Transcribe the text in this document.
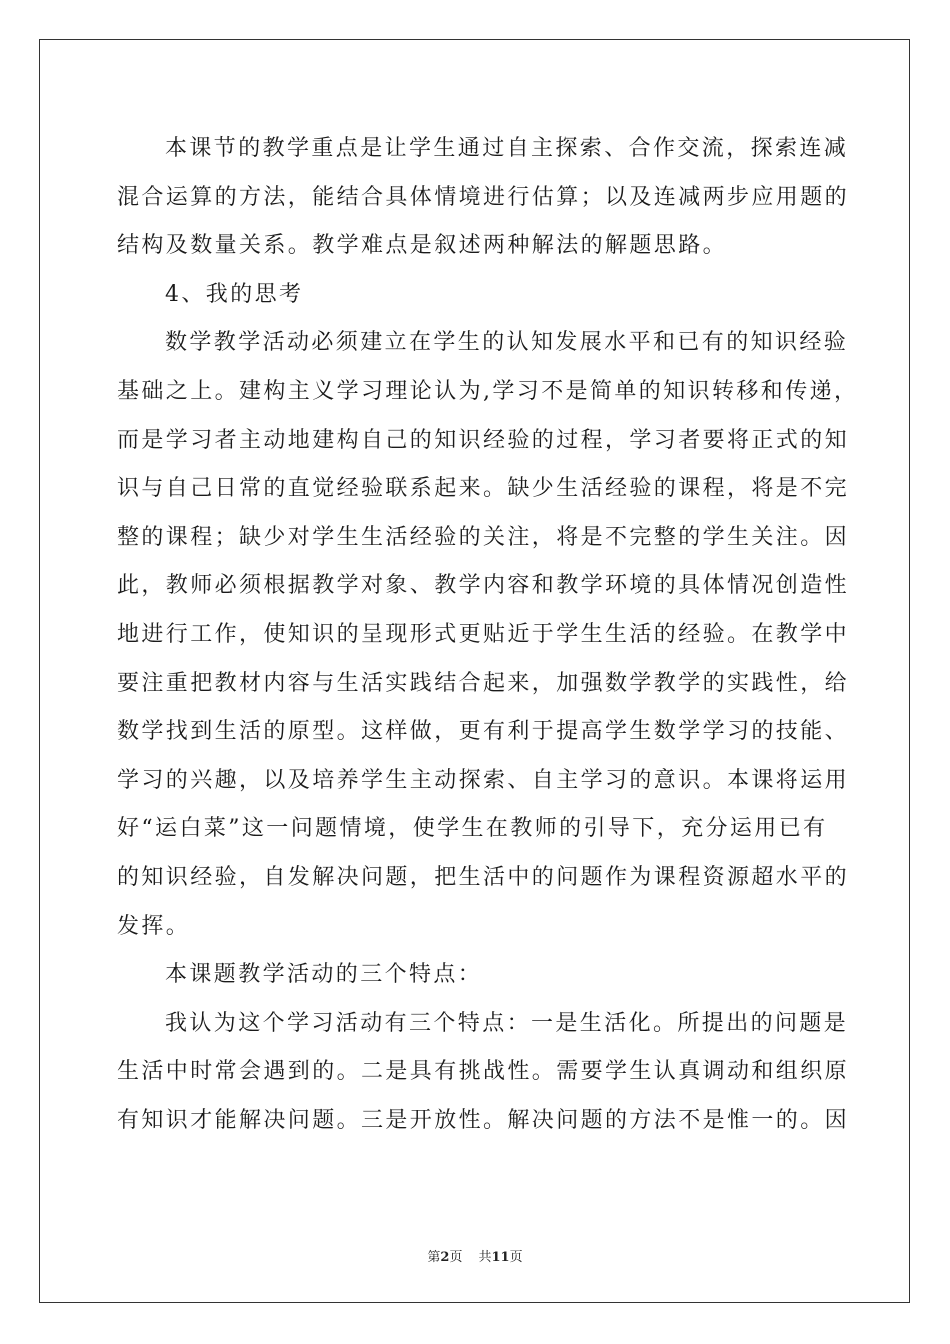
本课节的教学重点是让学生通过自主探索、合作交流，探索连减
混合运算的方法，能结合具体情境进行估算；以及连减两步应用题的
结构及数量关系。教学难点是叙述两种解法的解题思路。
4、我的思考
数学教学活动必须建立在学生的认知发展水平和已有的知识经验
基础之上。建构主义学习理论认为,学习不是简单的知识转移和传递，
而是学习者主动地建构自己的知识经验的过程，学习者要将正式的知
识与自己日常的直觉经验联系起来。缺少生活经验的课程，将是不完
整的课程；缺少对学生生活经验的关注，将是不完整的学生关注。因
此，教师必须根据教学对象、教学内容和教学环境的具体情况创造性
地进行工作，使知识的呈现形式更贴近于学生生活的经验。在教学中
要注重把教材内容与生活实践结合起来，加强数学教学的实践性，给
数学找到生活的原型。这样做，更有利于提高学生数学学习的技能、
学习的兴趣，以及培养学生主动探索、自主学习的意识。本课将运用
好“运白菜”这一问题情境，使学生在教师的引导下，充分运用已有
的知识经验，自发解决问题，把生活中的问题作为课程资源超水平的
发挥。
本课题教学活动的三个特点：
我认为这个学习活动有三个特点：一是生活化。所提出的问题是
生活中时常会遇到的。二是具有挑战性。需要学生认真调动和组织原
有知识才能解决问题。三是开放性。解决问题的方法不是惟一的。因
第2页 共11页
